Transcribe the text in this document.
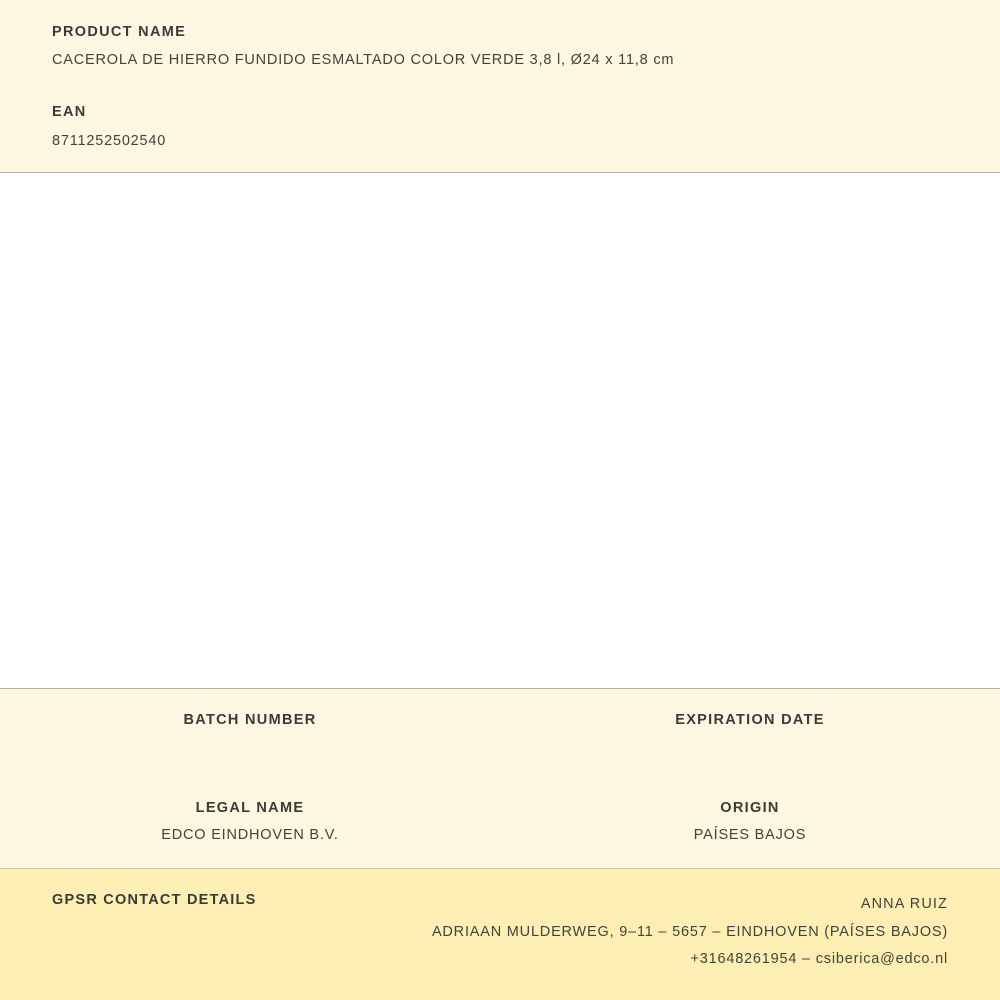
PRODUCT NAME
CACEROLA DE HIERRO FUNDIDO ESMALTADO COLOR VERDE 3,8 l, Ø24 x 11,8 cm
EAN
8711252502540
BATCH NUMBER	EXPIRATION DATE
LEGAL NAME
EDCO EINDHOVEN B.V.
ORIGIN
PAÍSES BAJOS
GPSR CONTACT DETAILS	ANNA RUIZ
ADRIAAN MULDERWEG, 9–11 – 5657 – EINDHOVEN (PAÍSES BAJOS)
+31648261954 – csiberica@edco.nl
